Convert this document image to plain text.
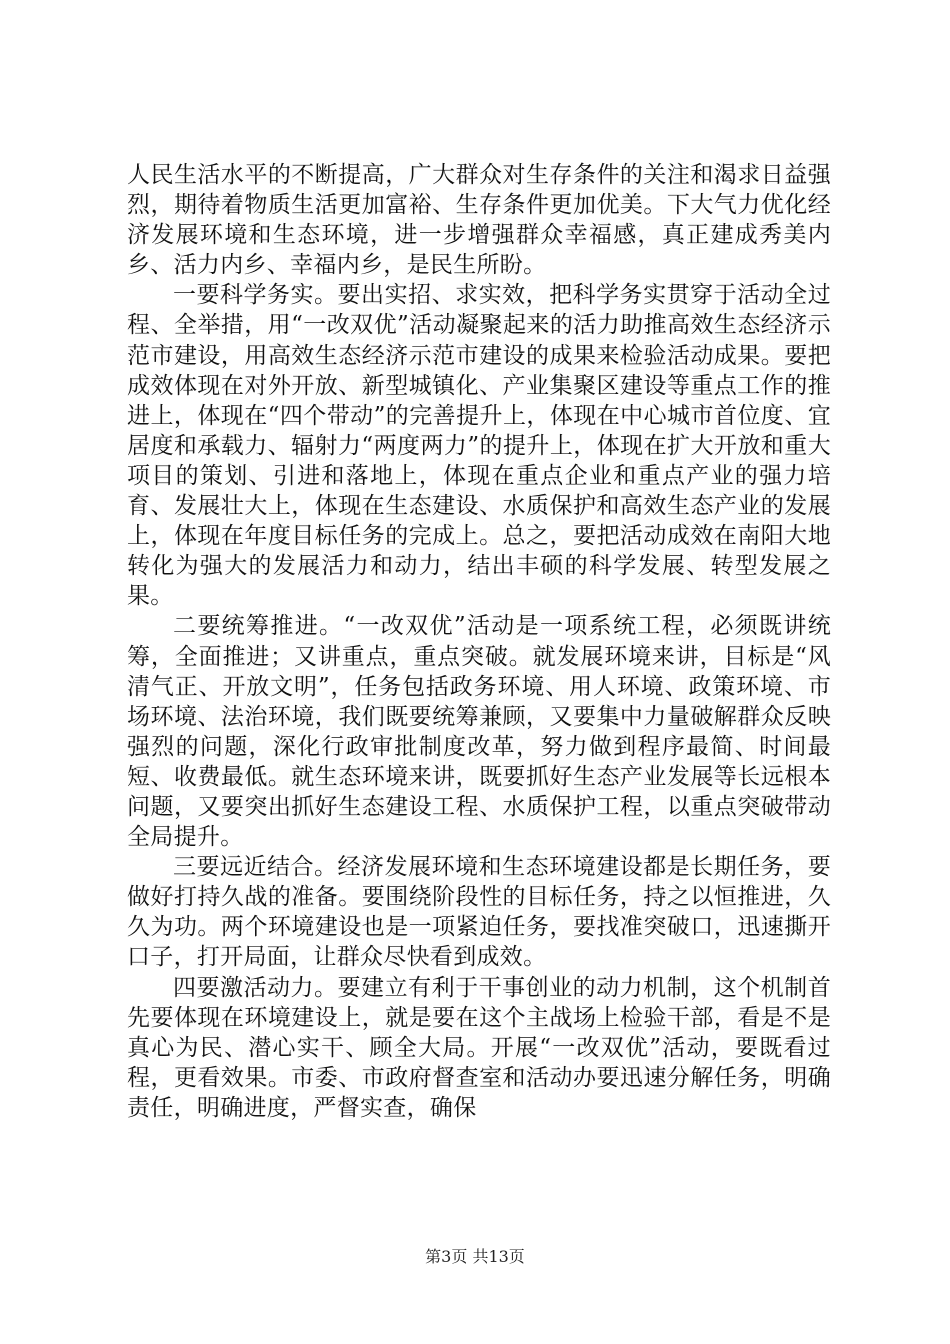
人民生活水平的不断提高，广大群众对生存条件的关注和渴求日益强烈，期待着物质生活更加富裕、生存条件更加优美。下大气力优化经济发展环境和生态环境，进一步增强群众幸福感，真正建成秀美内乡、活力内乡、幸福内乡，是民生所盼。

一要科学务实。要出实招、求实效，把科学务实贯穿于活动全过程、全举措，用“一改双优”活动凝聚起来的活力助推高效生态经济示范市建设，用高效生态经济示范市建设的成果来检验活动成果。要把成效体现在对外开放、新型城镇化、产业集聚区建设等重点工作的推进上，体现在“四个带动”的完善提升上，体现在中心城市首位度、宜居度和承载力、辐射力“两度两力”的提升上，体现在扩大开放和重大项目的策划、引进和落地上，体现在重点企业和重点产业的强力培育、发展壮大上，体现在生态建设、水质保护和高效生态产业的发展上，体现在年度目标任务的完成上。总之，要把活动成效在南阳大地转化为强大的发展活力和动力，结出丰硕的科学发展、转型发展之果。

二要统筹推进。“一改双优”活动是一项系统工程，必须既讲统筹，全面推进；又讲重点，重点突破。就发展环境来讲，目标是“风清气正、开放文明”，任务包括政务环境、用人环境、政策环境、市场环境、法治环境，我们既要统筹兼顾，又要集中力量破解群众反映强烈的问题，深化行政审批制度改革，努力做到程序最简、时间最短、收费最低。就生态环境来讲，既要抓好生态产业发展等长远根本问题，又要突出抓好生态建设工程、水质保护工程，以重点突破带动全局提升。

三要远近结合。经济发展环境和生态环境建设都是长期任务，要做好打持久战的准备。要围绕阶段性的目标任务，持之以恒推进，久久为功。两个环境建设也是一项紧迫任务，要找准突破口，迅速撕开口子，打开局面，让群众尽快看到成效。

四要激活动力。要建立有利于干事创业的动力机制，这个机制首先要体现在环境建设上，就是要在这个主战场上检验干部，看是不是真心为民、潜心实干、顾全大局。开展“一改双优”活动，要既看过程，更看效果。市委、市政府督查室和活动办要迅速分解任务，明确责任，明确进度，严督实查，确保

第3页 共13页
